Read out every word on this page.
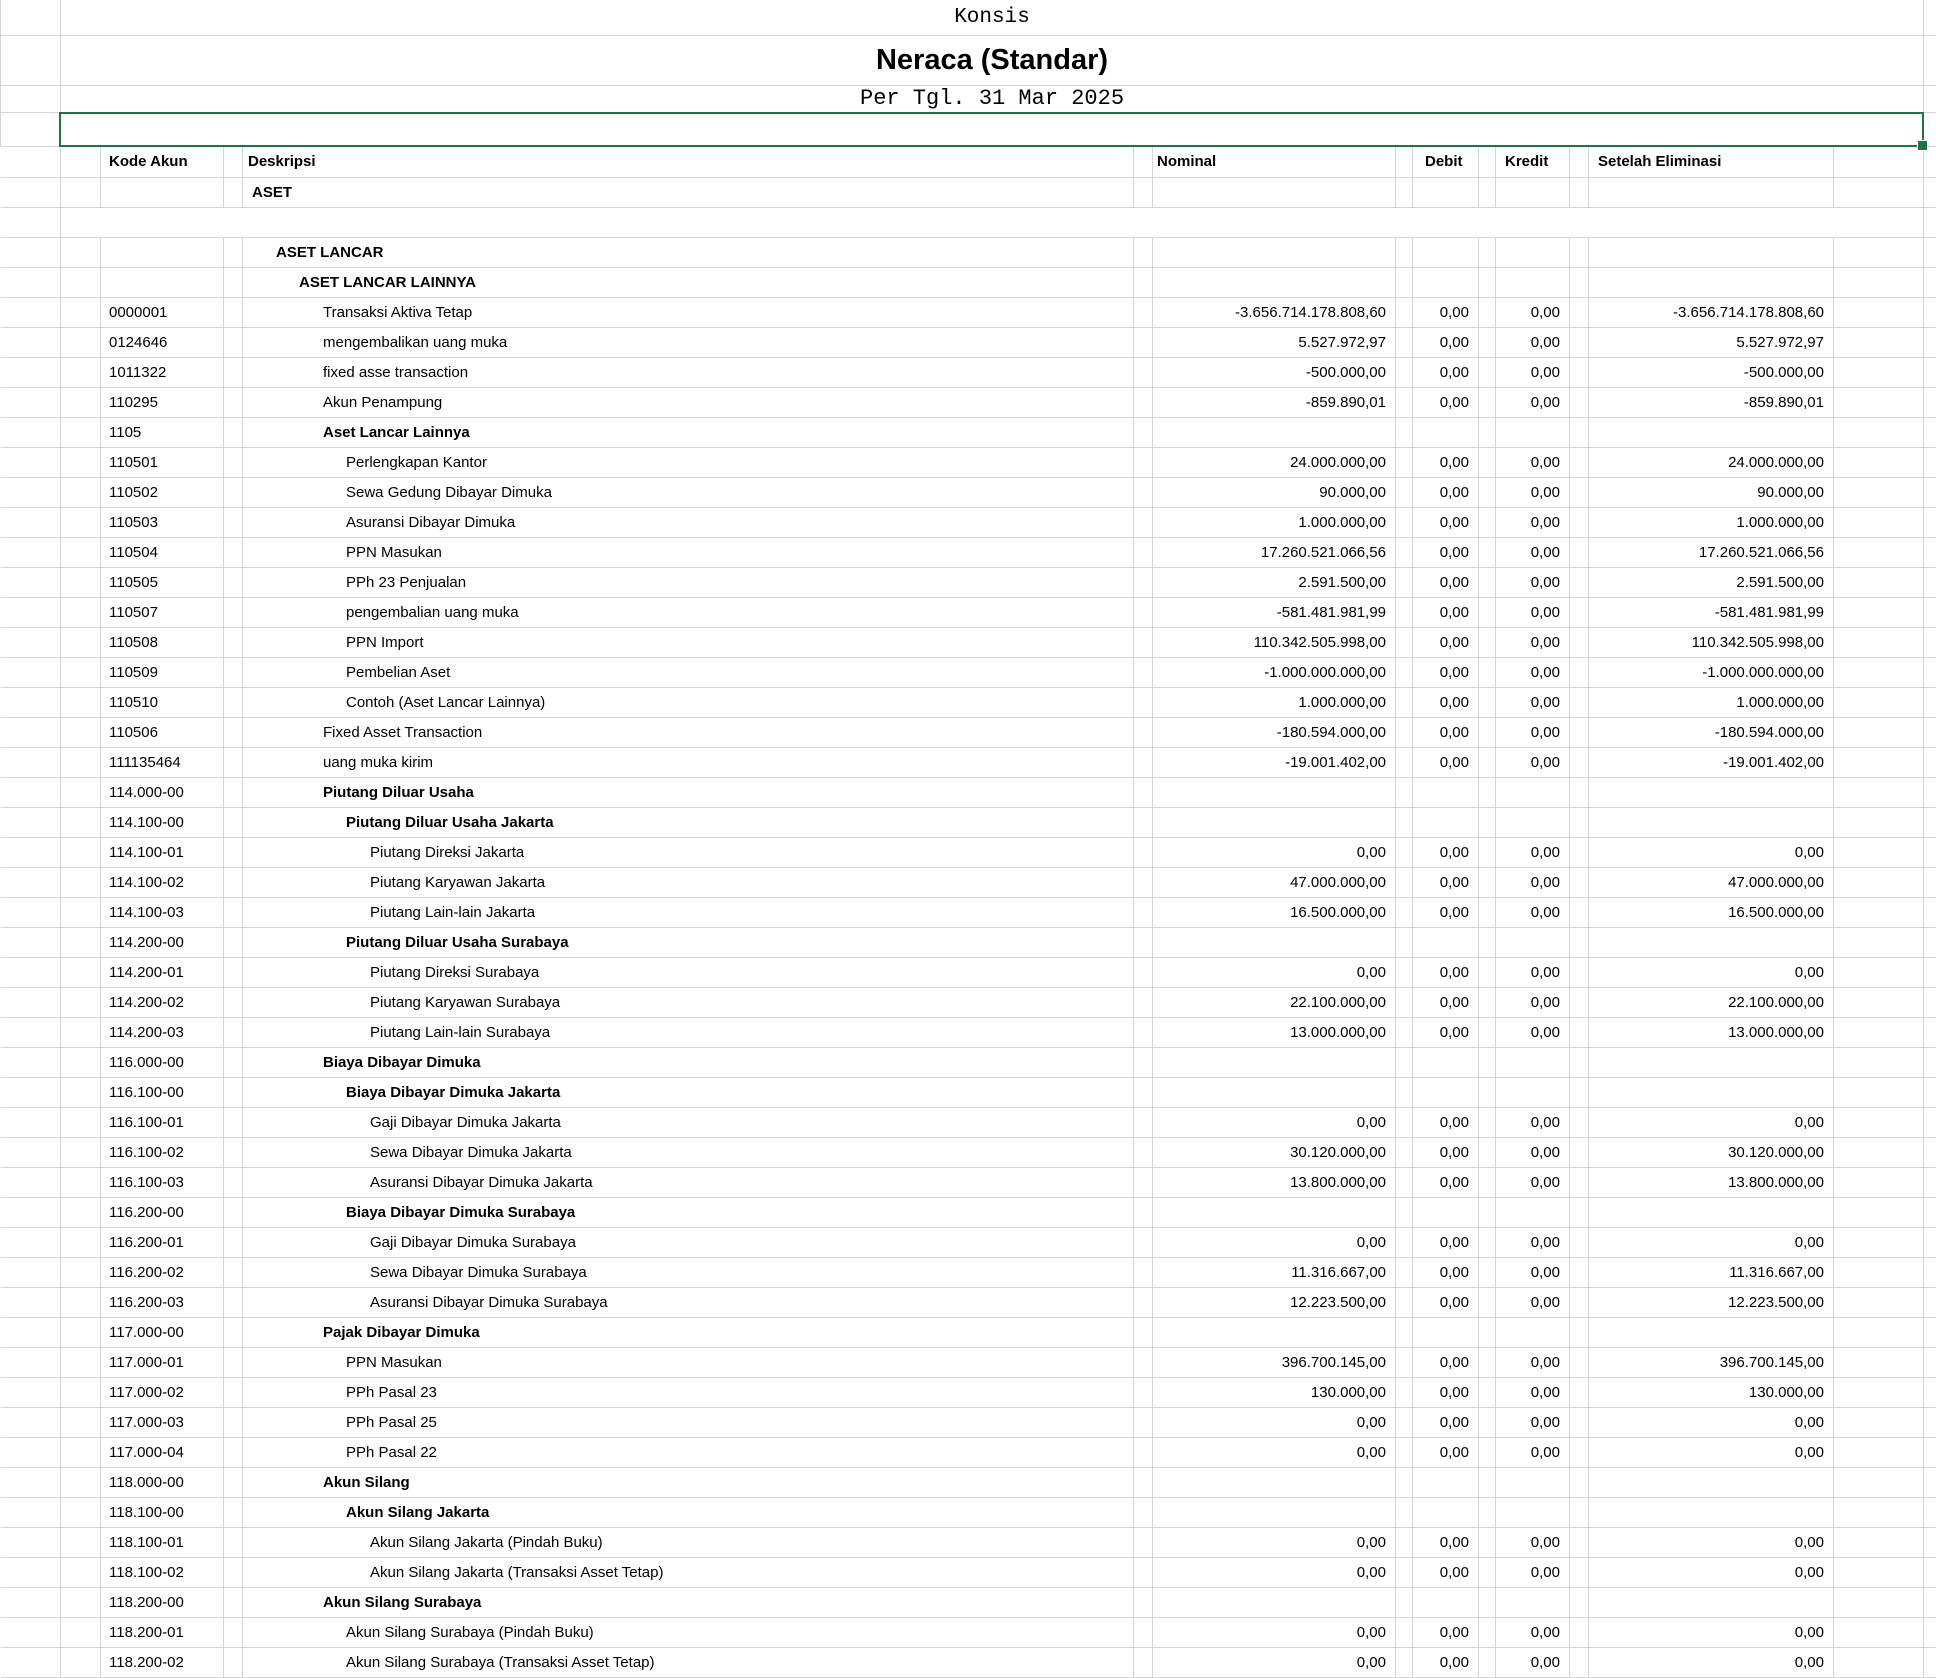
	Konsis													
	Neraca (Standar)													
	Per Tgl. 31 Mar 2025													

		Kode Akun		Deskripsi		Nominal		Debit		Kredit		Setelah Eliminasi		
				ASET										

				ASET LANCAR										
				ASET LANCAR LAINNYA										
		0000001		Transaksi Aktiva Tetap		-3.656.714.178.808,60		0,00		0,00		-3.656.714.178.808,60		
		0124646		mengembalikan uang muka		5.527.972,97		0,00		0,00		5.527.972,97		
		1011322		fixed asse transaction		-500.000,00		0,00		0,00		-500.000,00		
		110295		Akun Penampung		-859.890,01		0,00		0,00		-859.890,01		
		1105		Aset Lancar Lainnya										
		110501		Perlengkapan Kantor		24.000.000,00		0,00		0,00		24.000.000,00		
		110502		Sewa Gedung Dibayar Dimuka		90.000,00		0,00		0,00		90.000,00		
		110503		Asuransi Dibayar Dimuka		1.000.000,00		0,00		0,00		1.000.000,00		
		110504		PPN Masukan		17.260.521.066,56		0,00		0,00		17.260.521.066,56		
		110505		PPh 23 Penjualan		2.591.500,00		0,00		0,00		2.591.500,00		
		110507		pengembalian uang muka		-581.481.981,99		0,00		0,00		-581.481.981,99		
		110508		PPN Import		110.342.505.998,00		0,00		0,00		110.342.505.998,00		
		110509		Pembelian Aset		-1.000.000.000,00		0,00		0,00		-1.000.000.000,00		
		110510		Contoh (Aset Lancar Lainnya)		1.000.000,00		0,00		0,00		1.000.000,00		
		110506		Fixed Asset Transaction		-180.594.000,00		0,00		0,00		-180.594.000,00		
		111135464		uang muka kirim		-19.001.402,00		0,00		0,00		-19.001.402,00		
		114.000-00		Piutang Diluar Usaha										
		114.100-00		Piutang Diluar Usaha Jakarta										
		114.100-01		Piutang Direksi Jakarta		0,00		0,00		0,00		0,00		
		114.100-02		Piutang Karyawan Jakarta		47.000.000,00		0,00		0,00		47.000.000,00		
		114.100-03		Piutang Lain-lain Jakarta		16.500.000,00		0,00		0,00		16.500.000,00		
		114.200-00		Piutang Diluar Usaha Surabaya										
		114.200-01		Piutang Direksi Surabaya		0,00		0,00		0,00		0,00		
		114.200-02		Piutang Karyawan Surabaya		22.100.000,00		0,00		0,00		22.100.000,00		
		114.200-03		Piutang Lain-lain Surabaya		13.000.000,00		0,00		0,00		13.000.000,00		
		116.000-00		Biaya Dibayar Dimuka										
		116.100-00		Biaya Dibayar Dimuka Jakarta										
		116.100-01		Gaji Dibayar Dimuka Jakarta		0,00		0,00		0,00		0,00		
		116.100-02		Sewa Dibayar Dimuka Jakarta		30.120.000,00		0,00		0,00		30.120.000,00		
		116.100-03		Asuransi Dibayar Dimuka Jakarta		13.800.000,00		0,00		0,00		13.800.000,00		
		116.200-00		Biaya Dibayar Dimuka Surabaya										
		116.200-01		Gaji Dibayar Dimuka Surabaya		0,00		0,00		0,00		0,00		
		116.200-02		Sewa Dibayar Dimuka Surabaya		11.316.667,00		0,00		0,00		11.316.667,00		
		116.200-03		Asuransi Dibayar Dimuka Surabaya		12.223.500,00		0,00		0,00		12.223.500,00		
		117.000-00		Pajak Dibayar Dimuka										
		117.000-01		PPN Masukan		396.700.145,00		0,00		0,00		396.700.145,00		
		117.000-02		PPh Pasal 23		130.000,00		0,00		0,00		130.000,00		
		117.000-03		PPh Pasal 25		0,00		0,00		0,00		0,00		
		117.000-04		PPh Pasal 22		0,00		0,00		0,00		0,00		
		118.000-00		Akun Silang										
		118.100-00		Akun Silang Jakarta										
		118.100-01		Akun Silang Jakarta (Pindah Buku)		0,00		0,00		0,00		0,00		
		118.100-02		Akun Silang Jakarta (Transaksi Asset Tetap)		0,00		0,00		0,00		0,00		
		118.200-00		Akun Silang Surabaya										
		118.200-01		Akun Silang Surabaya (Pindah Buku)		0,00		0,00		0,00		0,00		
		118.200-02		Akun Silang Surabaya (Transaksi Asset Tetap)		0,00		0,00		0,00		0,00		
